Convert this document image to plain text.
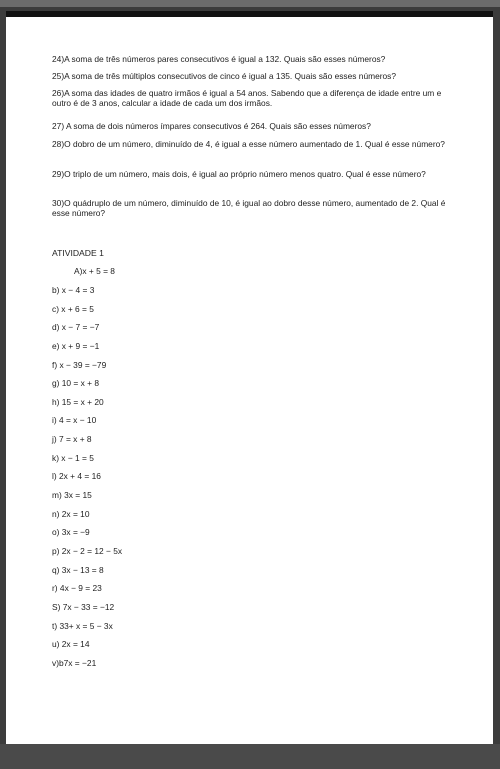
24)A soma de três números pares consecutivos é igual a 132. Quais são esses números?
25)A soma de três múltiplos consecutivos de cinco é igual a 135. Quais são esses números?
26)A soma das idades de quatro irmãos é igual a 54 anos. Sabendo que a diferença de idade entre um e outro é de 3 anos, calcular a idade de cada um dos irmãos.
27) A soma de dois números ímpares consecutivos é 264. Quais são esses números?
28)O dobro de um número, diminuído de 4, é igual a esse número aumentado de 1. Qual é esse número?
29)O triplo de um número, mais dois, é igual ao próprio número menos quatro. Qual é esse número?
30)O quádruplo de um número, diminuído de 10, é igual ao dobro desse número, aumentado de 2. Qual é esse número?
ATIVIDADE 1
A)x + 5 = 8
b) x − 4 = 3
c) x + 6 = 5
d) x − 7 = −7
e) x + 9 = −1
f) x − 39 = −79
g) 10 = x + 8
h) 15 = x + 20
i) 4 = x − 10
j) 7 = x + 8
k) x − 1 = 5
l) 2x + 4 = 16
m) 3x = 15
n) 2x = 10
o) 3x = −9
p) 2x − 2 = 12 − 5x
q) 3x − 13 = 8
r) 4x − 9 = 23
S) 7x − 33 = −12
t) 33+ x = 5 − 3x
u) 2x = 14
v)b7x = −21
